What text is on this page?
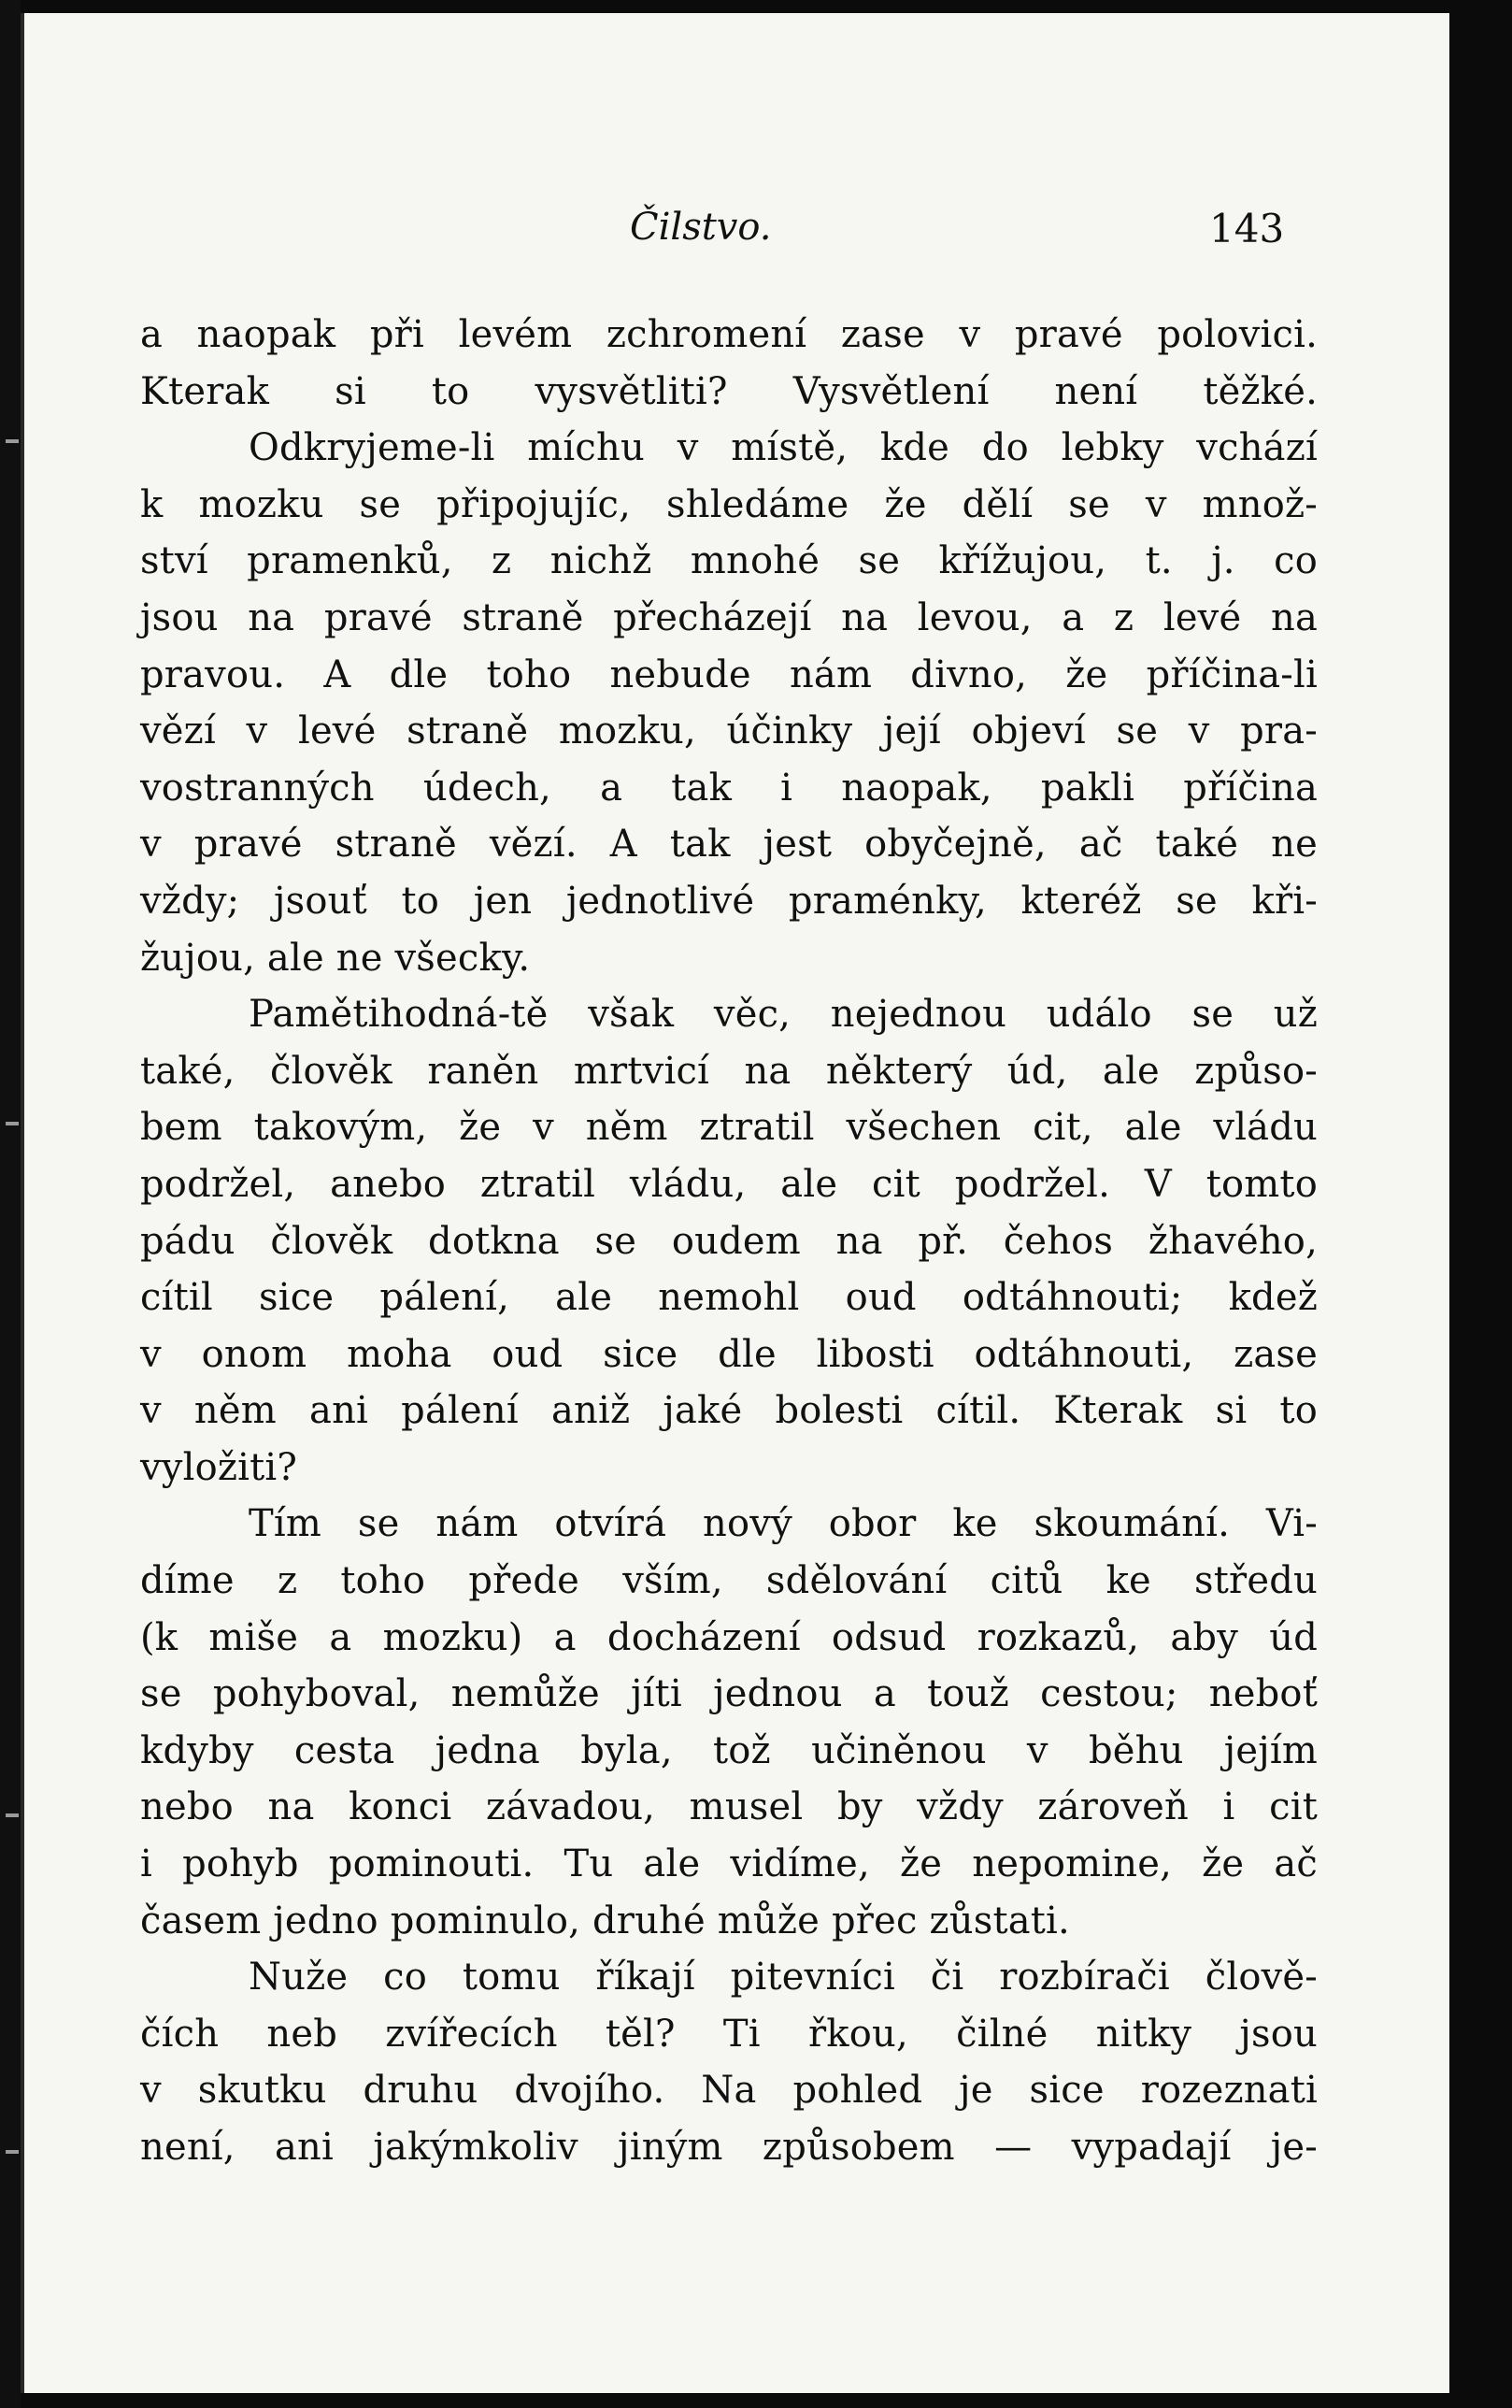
Čilstvo.	143
a naopak při levém zchromení zase v pravé polovici.
Kterak si to vysvětliti? Vysvětlení není těžké.
Odkryjeme-li míchu v místě, kde do lebky vchází
k mozku se připojujíc, shledáme že dělí se v množ-
ství pramenků, z nichž mnohé se křížujou, t. j. co
jsou na pravé straně přecházejí na levou, a z levé na
pravou. A dle toho nebude nám divno, že příčina-li
vězí v levé straně mozku, účinky její objeví se v pra-
vostranných údech, a tak i naopak, pakli příčina
v pravé straně vězí. A tak jest obyčejně, ač také ne
vždy; jsouť to jen jednotlivé praménky, kteréž se kři-
žujou, ale ne všecky.
Pamětihodná-tě však věc, nejednou událo se už
také, člověk raněn mrtvicí na některý úd, ale způso-
bem takovým, že v něm ztratil všechen cit, ale vládu
podržel, anebo ztratil vládu, ale cit podržel. V tomto
pádu člověk dotkna se oudem na př. čehos žhavého,
cítil sice pálení, ale nemohl oud odtáhnouti; kdež
v onom moha oud sice dle libosti odtáhnouti, zase
v něm ani pálení aniž jaké bolesti cítil. Kterak si to
vyložiti?
Tím se nám otvírá nový obor ke skoumání. Vi-
díme z toho přede vším, sdělování citů ke středu
(k miše a mozku) a docházení odsud rozkazů, aby úd
se pohyboval, nemůže jíti jednou a touž cestou; neboť
kdyby cesta jedna byla, tož učiněnou v běhu jejím
nebo na konci závadou, musel by vždy zároveň i cit
i pohyb pominouti. Tu ale vidíme, že nepomine, že ač
časem jedno pominulo, druhé může přec zůstati.
Nuže co tomu říkají pitevníci či rozbírači člově-
čích neb zvířecích těl? Ti řkou, čilné nitky jsou
v skutku druhu dvojího. Na pohled je sice rozeznati
není, ani jakýmkoliv jiným způsobem — vypadají je-
